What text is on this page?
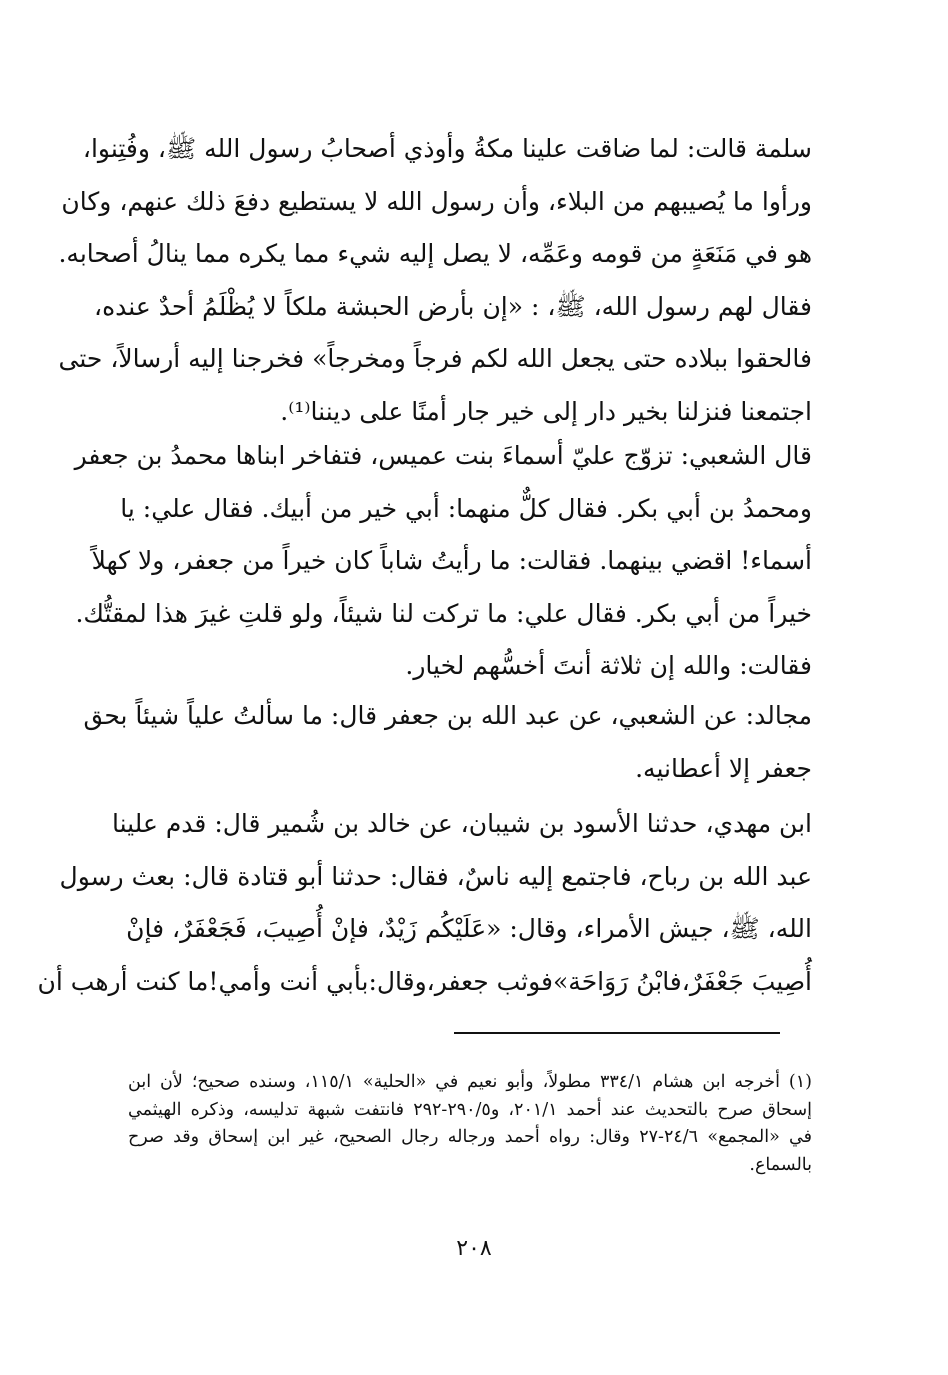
سلمة قالت: لما ضاقت علينا مكةُ وأوذي أصحابُ رسول الله ﷺ، وفُتِنوا،
ورأوا ما يُصيبهم من البلاء، وأن رسول الله لا يستطيع دفعَ ذلك عنهم، وكان
هو في مَنَعَةٍ من قومه وعَمِّه، لا يصل إليه شيء مما يكره مما ينالُ أصحابه.
فقال لهم رسول الله، ﷺ، : «إن بأرض الحبشة ملكاً لا يُظْلَمُ أحدٌ عنده،
فالحقوا ببلاده حتى يجعل الله لكم فرجاً ومخرجاً» فخرجنا إليه أرسالاً، حتى
اجتمعنا فنزلنا بخير دار إلى خير جار أمنًا على ديننا⁽¹⁾.
قال الشعبي: تزوّج عليّ أسماءَ بنت عميس، فتفاخر ابناها محمدُ بن جعفر
ومحمدُ بن أبي بكر. فقال كلٌّ منهما: أبي خير من أبيك. فقال علي: يا
أسماء! اقضي بينهما. فقالت: ما رأيتُ شاباً كان خيراً من جعفر، ولا كهلاً
خيراً من أبي بكر. فقال علي: ما تركت لنا شيئاً، ولو قلتِ غيرَ هذا لمقتُّك.
فقالت: والله إن ثلاثة أنتَ أخسُّهم لخيار.
مجالد: عن الشعبي، عن عبد الله بن جعفر قال: ما سألتُ علياً شيئاً بحق
جعفر إلا أعطانيه.
ابن مهدي، حدثنا الأسود بن شيبان، عن خالد بن شُمير قال: قدم علينا
عبد الله بن رباح، فاجتمع إليه ناسٌ، فقال: حدثنا أبو قتادة قال: بعث رسول
الله، ﷺ، جيش الأمراء، وقال: «عَلَيْكُم زَيْدٌ، فإنْ أُصِيبَ، فَجَعْفَرٌ، فإنْ
أُصِيبَ جَعْفَرٌ،فابْنُ رَوَاحَة»فوثب جعفر،وقال:بأبي أنت وأمي!ما كنت أرهب أن
(١) أخرجه ابن هشام ٣٣٤/١ مطولاً، وأبو نعيم في «الحلية» ١١٥/١، وسنده صحيح؛ لأن ابن
إسحاق صرح بالتحديث عند أحمد ٢٠١/١، و٢٩٠/٥-٢٩٢ فانتفت شبهة تدليسه، وذكره الهيثمي
في «المجمع» ٢٤/٦-٢٧ وقال: رواه أحمد ورجاله رجال الصحيح، غير ابن إسحاق وقد صرح
بالسماع.
٢٠٨
